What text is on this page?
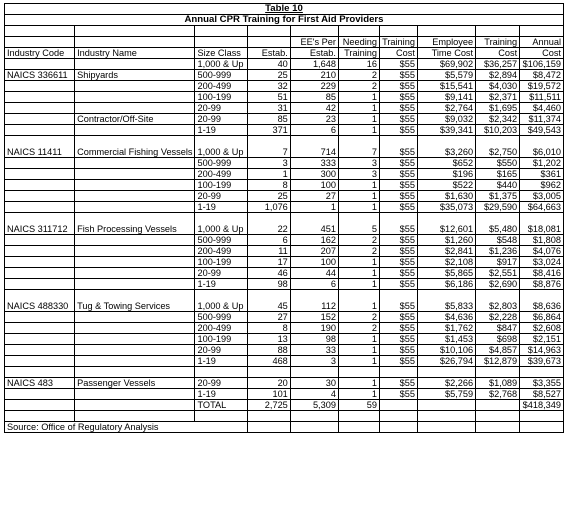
Table 10									
Annual CPR Training for First Aid Providers									

				EE's Per	Needing	Training	Employee	Training	Annual
Industry Code	Industry Name	Size Class	Estab.	Estab.	Training	Cost	Time Cost	Cost	Cost
		1,000 & Up	40	1,648	16	$55	$69,902	$36,257	$106,159
NAICS 336611	Shipyards	500-999	25	210	2	$55	$5,579	$2,894	$8,472
		200-499	32	229	2	$55	$15,541	$4,030	$19,572
		100-199	51	85	1	$55	$9,141	$2,371	$11,511
		20-99	31	42	1	$55	$2,764	$1,695	$4,460
	Contractor/Off-Site	20-99	85	23	1	$55	$9,032	$2,342	$11,374
		1-19	371	6	1	$55	$39,341	$10,203	$49,543
NAICS 11411	Commercial Fishing Vessels	1,000 & Up	7	714	7	$55	$3,260	$2,750	$6,010
		500-999	3	333	3	$55	$652	$550	$1,202
		200-499	1	300	3	$55	$196	$165	$361
		100-199	8	100	1	$55	$522	$440	$962
		20-99	25	27	1	$55	$1,630	$1,375	$3,005
		1-19	1,076	1	1	$55	$35,073	$29,590	$64,663
NAICS 311712	Fish Processing Vessels	1,000 & Up	22	451	5	$55	$12,601	$5,480	$18,081
		500-999	6	162	2	$55	$1,260	$548	$1,808
		200-499	11	207	2	$55	$2,841	$1,236	$4,076
		100-199	17	100	1	$55	$2,108	$917	$3,024
		20-99	46	44	1	$55	$5,865	$2,551	$8,416
		1-19	98	6	1	$55	$6,186	$2,690	$8,876
NAICS 488330	Tug & Towing Services	1,000 & Up	45	112	1	$55	$5,833	$2,803	$8,636
		500-999	27	152	2	$55	$4,636	$2,228	$6,864
		200-499	8	190	2	$55	$1,762	$847	$2,608
		100-199	13	98	1	$55	$1,453	$698	$2,151
		20-99	88	33	1	$55	$10,106	$4,857	$14,963
		1-19	468	3	1	$55	$26,794	$12,879	$39,673

NAICS 483	Passenger Vessels	20-99	20	30	1	$55	$2,266	$1,089	$3,355
		1-19	101	4	1	$55	$5,759	$2,768	$8,527
		TOTAL	2,725	5,309	59				$418,349

Source: Office of Regulatory Analysis									
